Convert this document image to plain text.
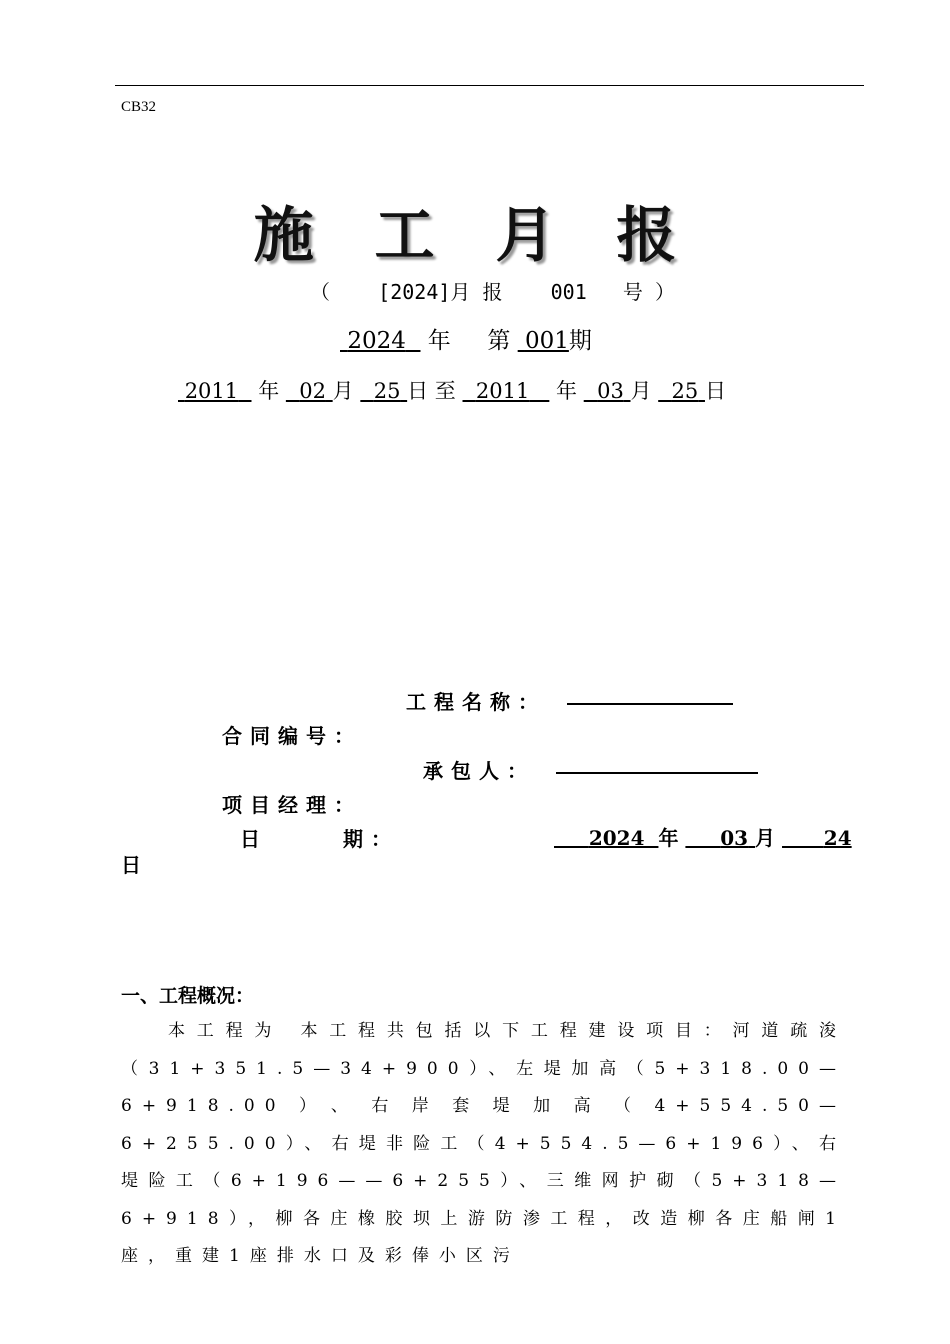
CB32
施 工 月 报
（ [2024]月 报 001 号 ）
2024 年 第 001期
2011 年 02 月 25 日 至 2011 年 03 月 25 日
工程名称：
合同编号：
承包人：
项目经理：
日	期：	2024 年 03 月 24
日
一、工程概况：
本工程为 本工程共包括以下工程建设项目：河道疏浚（31+351.5—34+900）、左堤加高（5+318.00—6+918.00）、右岸套堤加高（4+554.50—6+255.00）、右堤非险工（4+554.5—6+196）、右堤险工（6+196——6+255）、三维网护砌（5+318—6+918），柳各庄橡胶坝上游防渗工程，改造柳各庄船闸1座，重建1座排水口及彩俸小区污
